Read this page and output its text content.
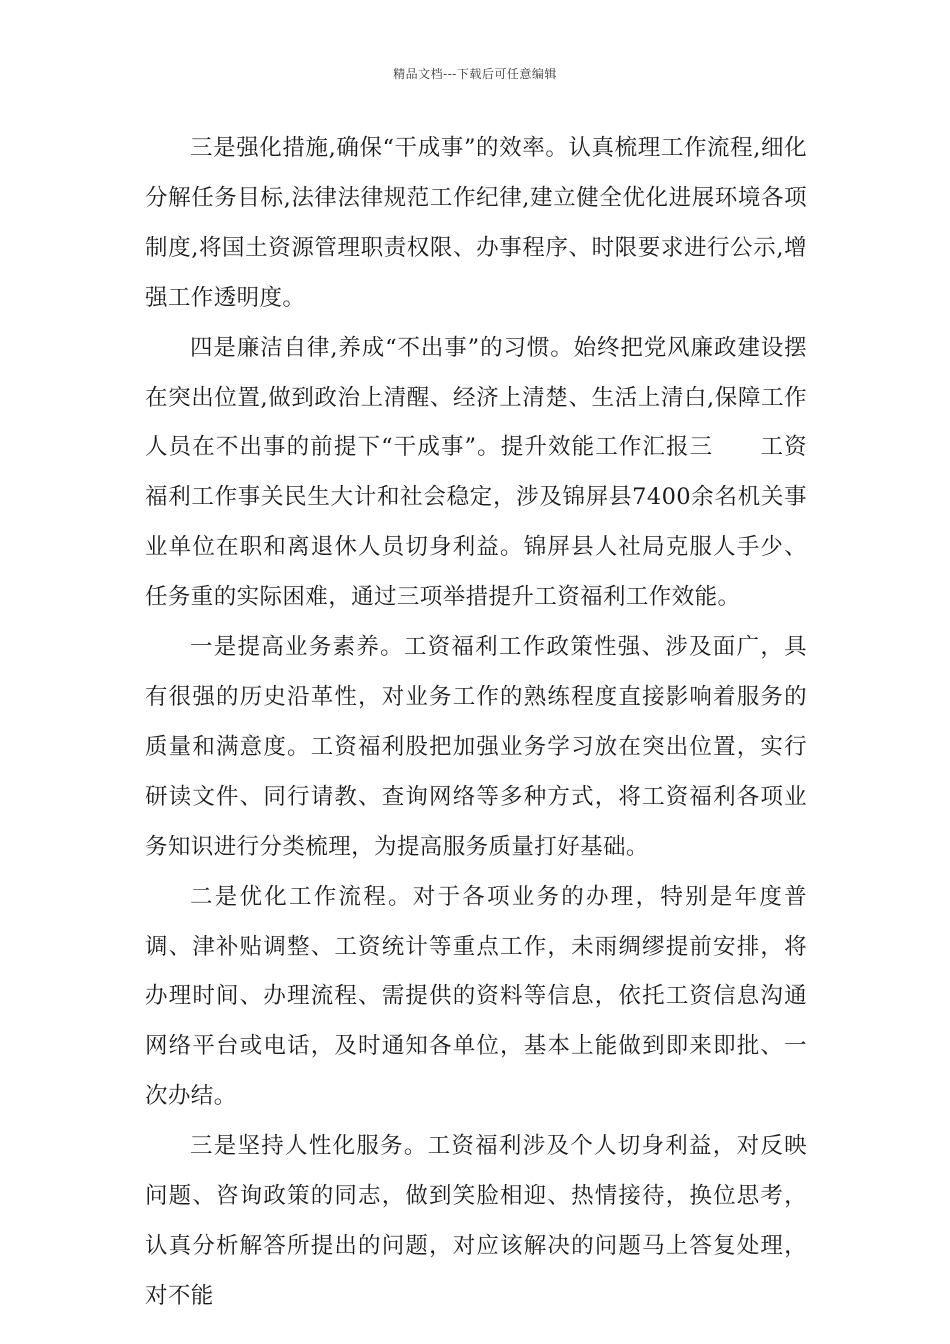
精品文档---下载后可任意编辑

三是强化措施,确保“干成事”的效率。认真梳理工作流程,细化分解任务目标,法律法律规范工作纪律,建立健全优化进展环境各项制度,将国土资源管理职责权限、办事程序、时限要求进行公示,增强工作透明度。

四是廉洁自律,养成“不出事”的习惯。始终把党风廉政建设摆在突出位置,做到政治上清醒、经济上清楚、生活上清白,保障工作人员在不出事的前提下“干成事”。提升效能工作汇报三　　工资福利工作事关民生大计和社会稳定，涉及锦屏县7400余名机关事业单位在职和离退休人员切身利益。锦屏县人社局克服人手少、任务重的实际困难，通过三项举措提升工资福利工作效能。

一是提高业务素养。工资福利工作政策性强、涉及面广，具有很强的历史沿革性，对业务工作的熟练程度直接影响着服务的质量和满意度。工资福利股把加强业务学习放在突出位置，实行研读文件、同行请教、查询网络等多种方式，将工资福利各项业务知识进行分类梳理，为提高服务质量打好基础。

二是优化工作流程。对于各项业务的办理，特别是年度普调、津补贴调整、工资统计等重点工作，未雨绸缪提前安排，将办理时间、办理流程、需提供的资料等信息，依托工资信息沟通网络平台或电话，及时通知各单位，基本上能做到即来即批、一次办结。

三是坚持人性化服务。工资福利涉及个人切身利益，对反映问题、咨询政策的同志，做到笑脸相迎、热情接待，换位思考，认真分析解答所提出的问题，对应该解决的问题马上答复处理，对不能
